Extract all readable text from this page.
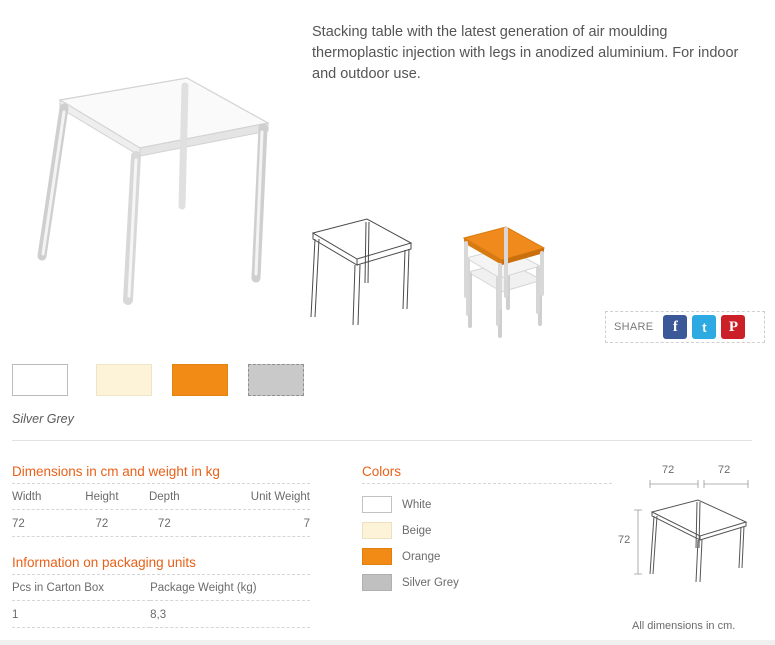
Stacking table with the latest generation of air moulding thermoplastic injection with legs in anodized aluminium. For indoor and outdoor use.
SHARE	f	t	P
Silver Grey
Dimensions in cm and weight in kg
Width	Height	Depth	Unit Weight
72	72	72	7
Information on packaging units
Pcs in Carton Box	Package Weight (kg)
1	8,3
Colors
White
Beige
Orange
Silver Grey
72	72
72
All dimensions in cm.
